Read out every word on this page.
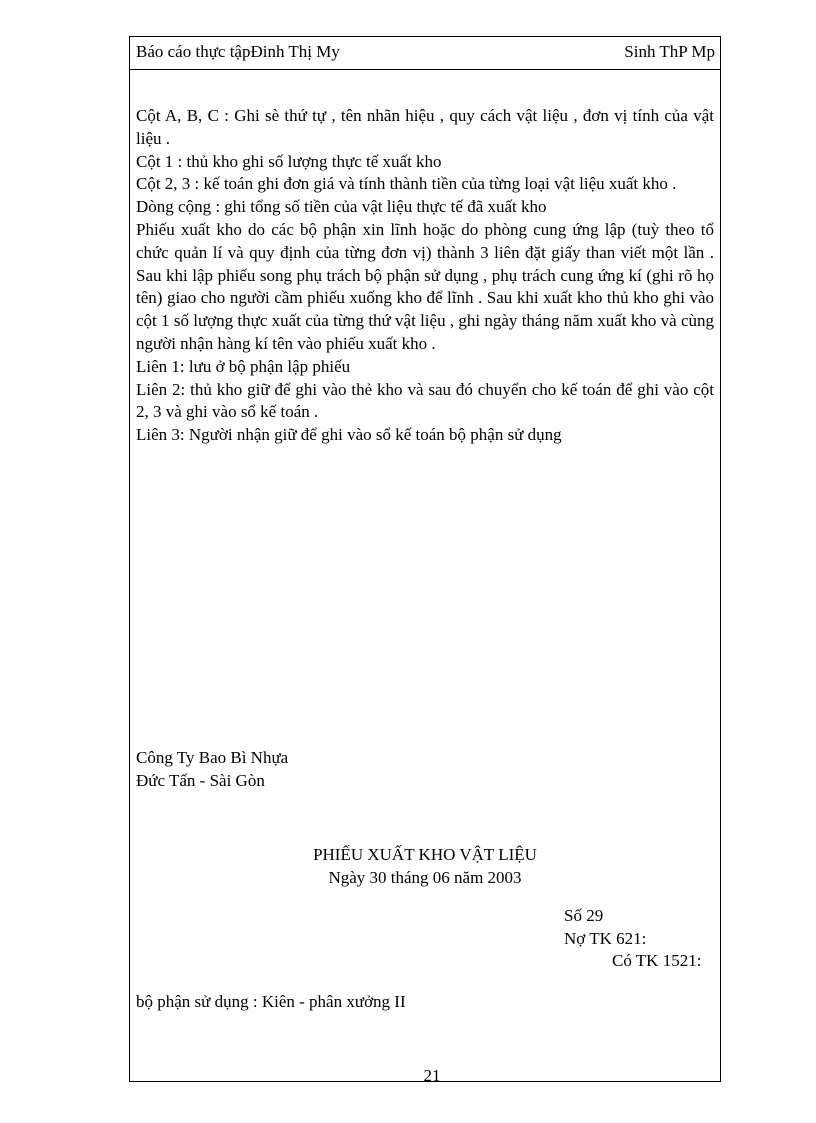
Báo cáo thực tậpĐinh Thị My	Sinh ThP Mp

Cột A, B, C : Ghi sè thứ tự , tên nhãn hiệu , quy cách vật liệu , đơn vị tính của vật liệu .

Cột 1 : thủ kho ghi số lượng thực tế xuất kho

Cột 2, 3 : kế toán ghi đơn giá và tính thành tiền của từng loại vật liệu xuất kho .

Dòng cộng : ghi tổng số tiền của vật liệu thực tế đã xuất kho

Phiếu xuất kho do các bộ phận xin lĩnh hoặc do phòng cung ứng lập (tuỳ theo tổ chức quản lí và quy định của từng đơn vị) thành 3 liên đặt giấy than viết một lần . Sau khi lập phiếu song phụ trách bộ phận sử dụng , phụ trách cung ứng kí (ghi rõ họ tên) giao cho người cầm phiếu xuống kho để lĩnh . Sau khi xuất kho thủ kho ghi vào cột 1 số lượng thực xuất của từng thứ vật liệu , ghi ngày tháng năm xuất kho và cùng người nhận hàng kí tên vào phiếu xuất kho .

Liên 1: lưu ở bộ phận lập phiếu

Liên 2: thủ kho giữ để ghi vào thẻ kho và sau đó chuyển cho kế toán để ghi vào cột 2, 3 và ghi vào sổ kế toán .

Liên 3: Người nhận giữ để ghi vào sổ kế toán bộ phận sử dụng

Công Ty Bao Bì Nhựa
Đức Tấn - Sài Gòn
PHIẾU XUẤT KHO VẬT LIỆU
Ngày 30 tháng 06 năm 2003
Số 29
Nợ TK 621:
Có TK 1521:
bộ phận sử dụng : Kiên - phân xưởng II
21
